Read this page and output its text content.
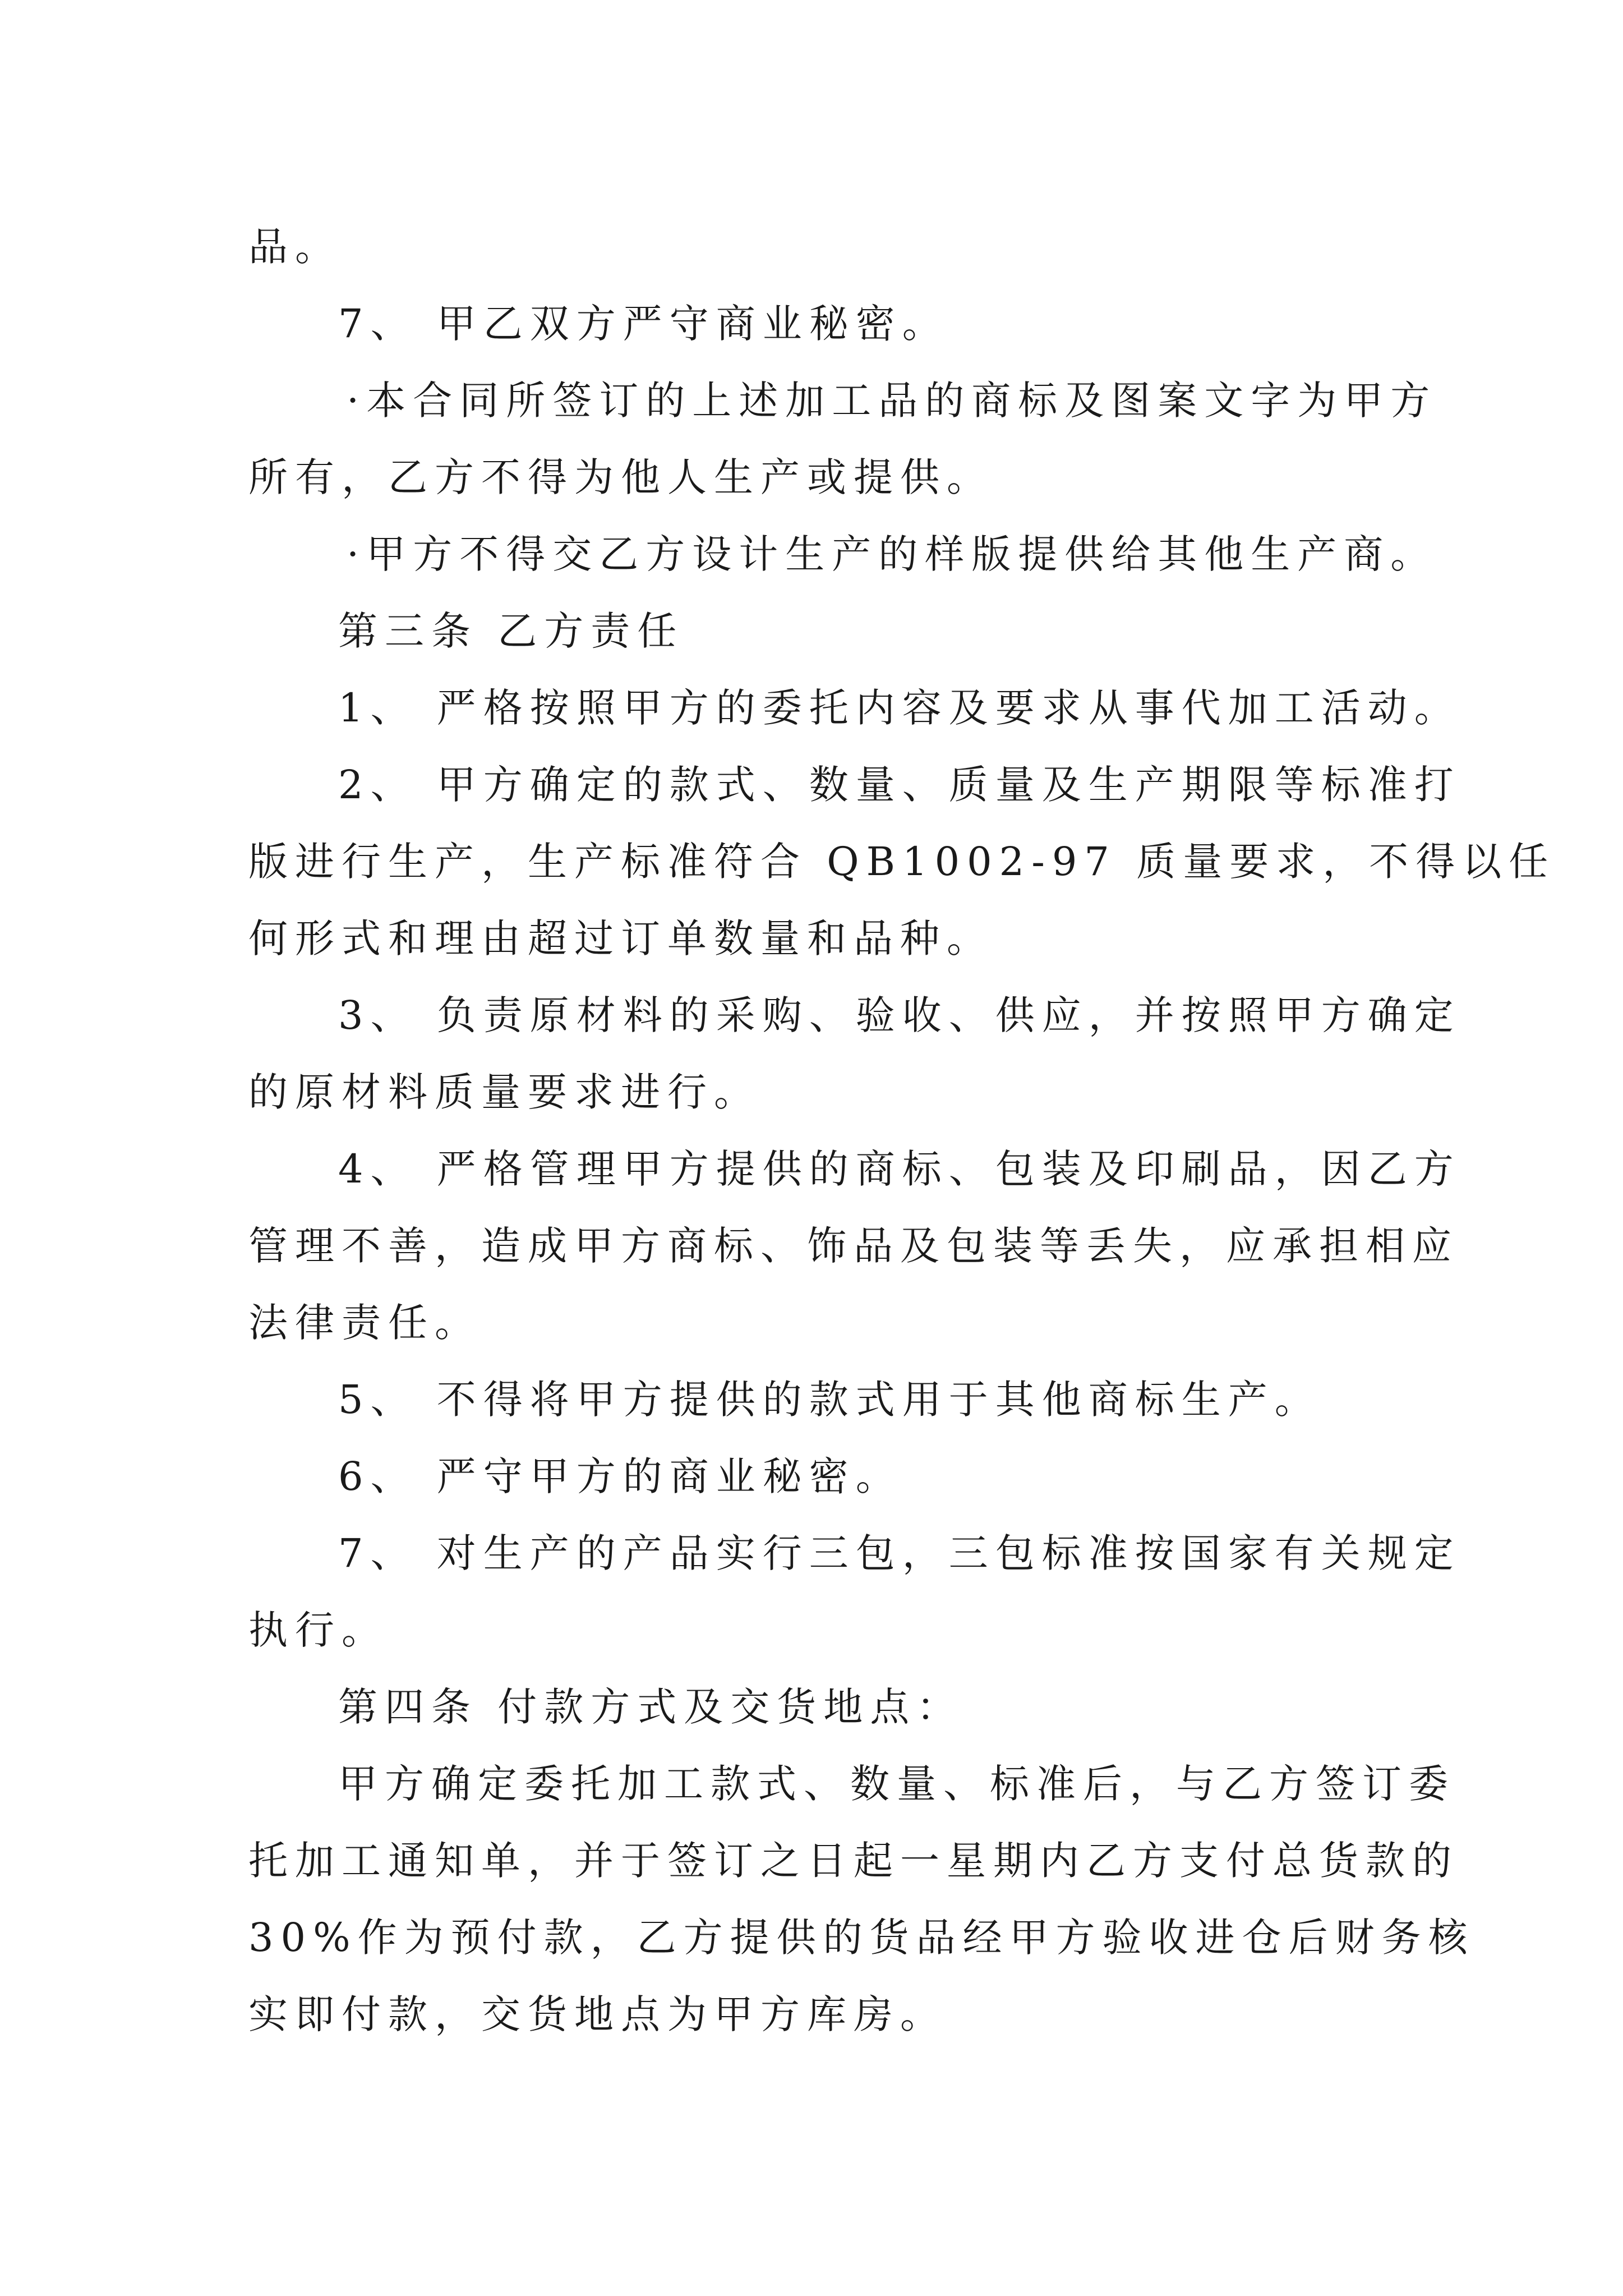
品。
7、 甲乙双方严守商业秘密。
·本合同所签订的上述加工品的商标及图案文字为甲方
所有，乙方不得为他人生产或提供。
·甲方不得交乙方设计生产的样版提供给其他生产商。
第三条 乙方责任
1、 严格按照甲方的委托内容及要求从事代加工活动。
2、 甲方确定的款式、数量、质量及生产期限等标准打
版进行生产，生产标准符合 QB1002-97 质量要求，不得以任
何形式和理由超过订单数量和品种。
3、 负责原材料的采购、验收、供应，并按照甲方确定
的原材料质量要求进行。
4、 严格管理甲方提供的商标、包装及印刷品，因乙方
管理不善，造成甲方商标、饰品及包装等丢失，应承担相应
法律责任。
5、 不得将甲方提供的款式用于其他商标生产。
6、 严守甲方的商业秘密。
7、 对生产的产品实行三包，三包标准按国家有关规定
执行。
第四条 付款方式及交货地点：
甲方确定委托加工款式、数量、标准后，与乙方签订委
托加工通知单，并于签订之日起一星期内乙方支付总货款的
30%作为预付款，乙方提供的货品经甲方验收进仓后财务核
实即付款，交货地点为甲方库房。
